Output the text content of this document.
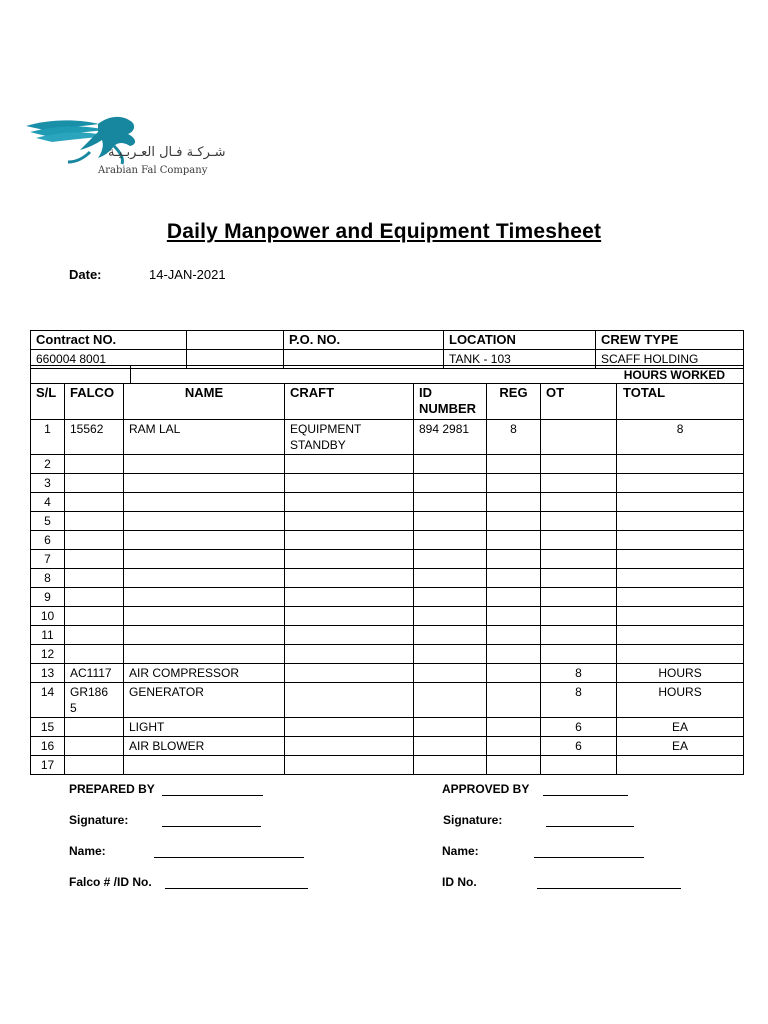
شـركـة فـال العـربـيـة
Arabian Fal Company
Daily Manpower and Equipment Timesheet
Date:	14-JAN-2021
Contract NO.		P.O. NO.	LOCATION	CREW TYPE
660004 8001			TANK - 103	SCAFF HOLDING
HOURS WORKED							

S/L	FALCO	NAME	CRAFT	ID NUMBER	REG	OT	TOTAL
1	15562	RAM LAL	EQUIPMENT STANDBY	894 2981	8		8
2							
3							
4							
5							
6							
7							
8							
9							
10							
11							
12							
13	AC1117	AIR COMPRESSOR				8	HOURS
14	GR186 5	GENERATOR				8	HOURS
15		LIGHT				6	EA
16		AIR BLOWER				6	EA
17							
PREPARED BY	APPROVED BY
Signature:	Signature:
Name:	Name:
Falco # /ID No.	ID No.
